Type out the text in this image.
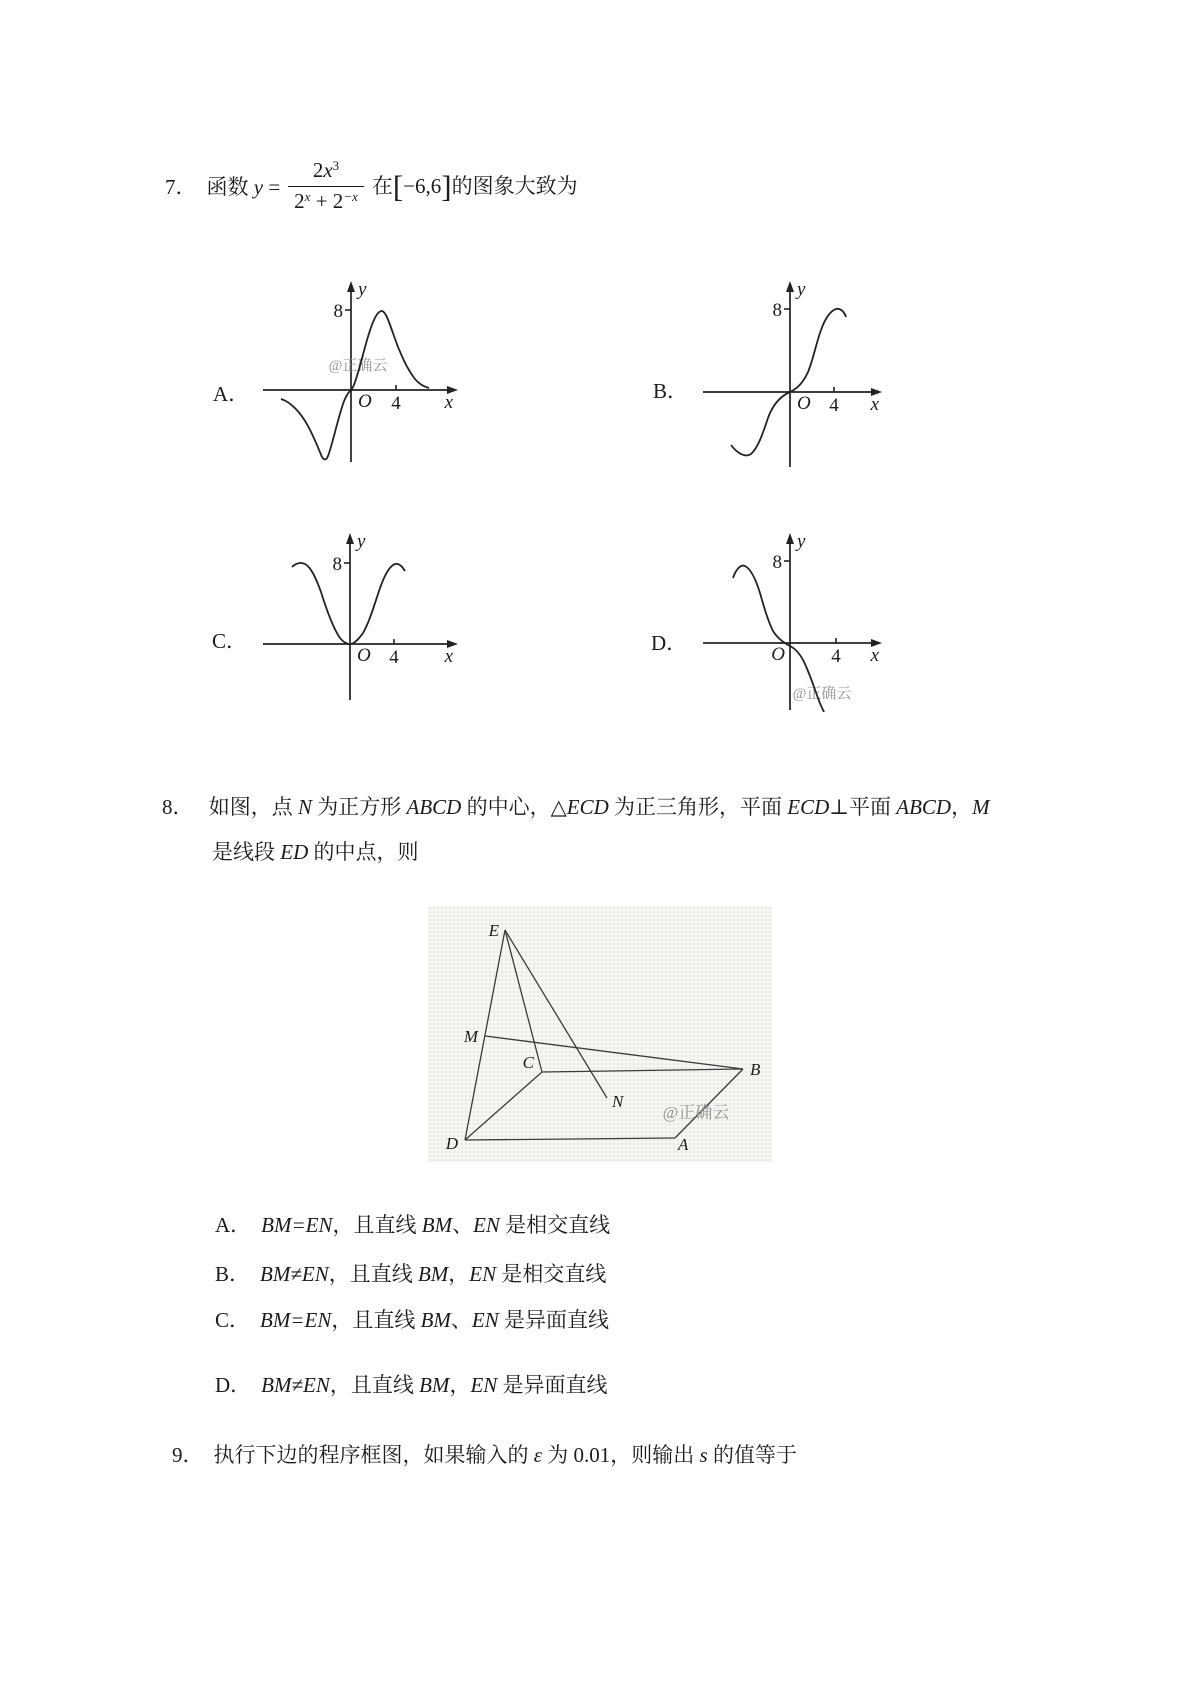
7． 函数 $y = \frac{2x^3}{2^x + 2^{-x}}$ 在[−6,6]的图象大致为
A．
8
4
O
y
x
@正确云
B．
8
4
O
y
x
C．
8
4
O
y
x
D．
8
4
O
y
x
@正确云
8． 如图，点 N 为正方形 ABCD 的中心，△ECD 为正三角形，平面 ECD⊥平面 ABCD，M
是线段 ED 的中点，则
E
M
C	B
N
D	A
@正确云
A． BM=EN，且直线 BM、EN 是相交直线
B． BM≠EN，且直线 BM，EN 是相交直线
C． BM=EN，且直线 BM、EN 是异面直线
D． BM≠EN，且直线 BM，EN 是异面直线
9． 执行下边的程序框图，如果输入的 ε 为 0.01，则输出 s 的值等于
